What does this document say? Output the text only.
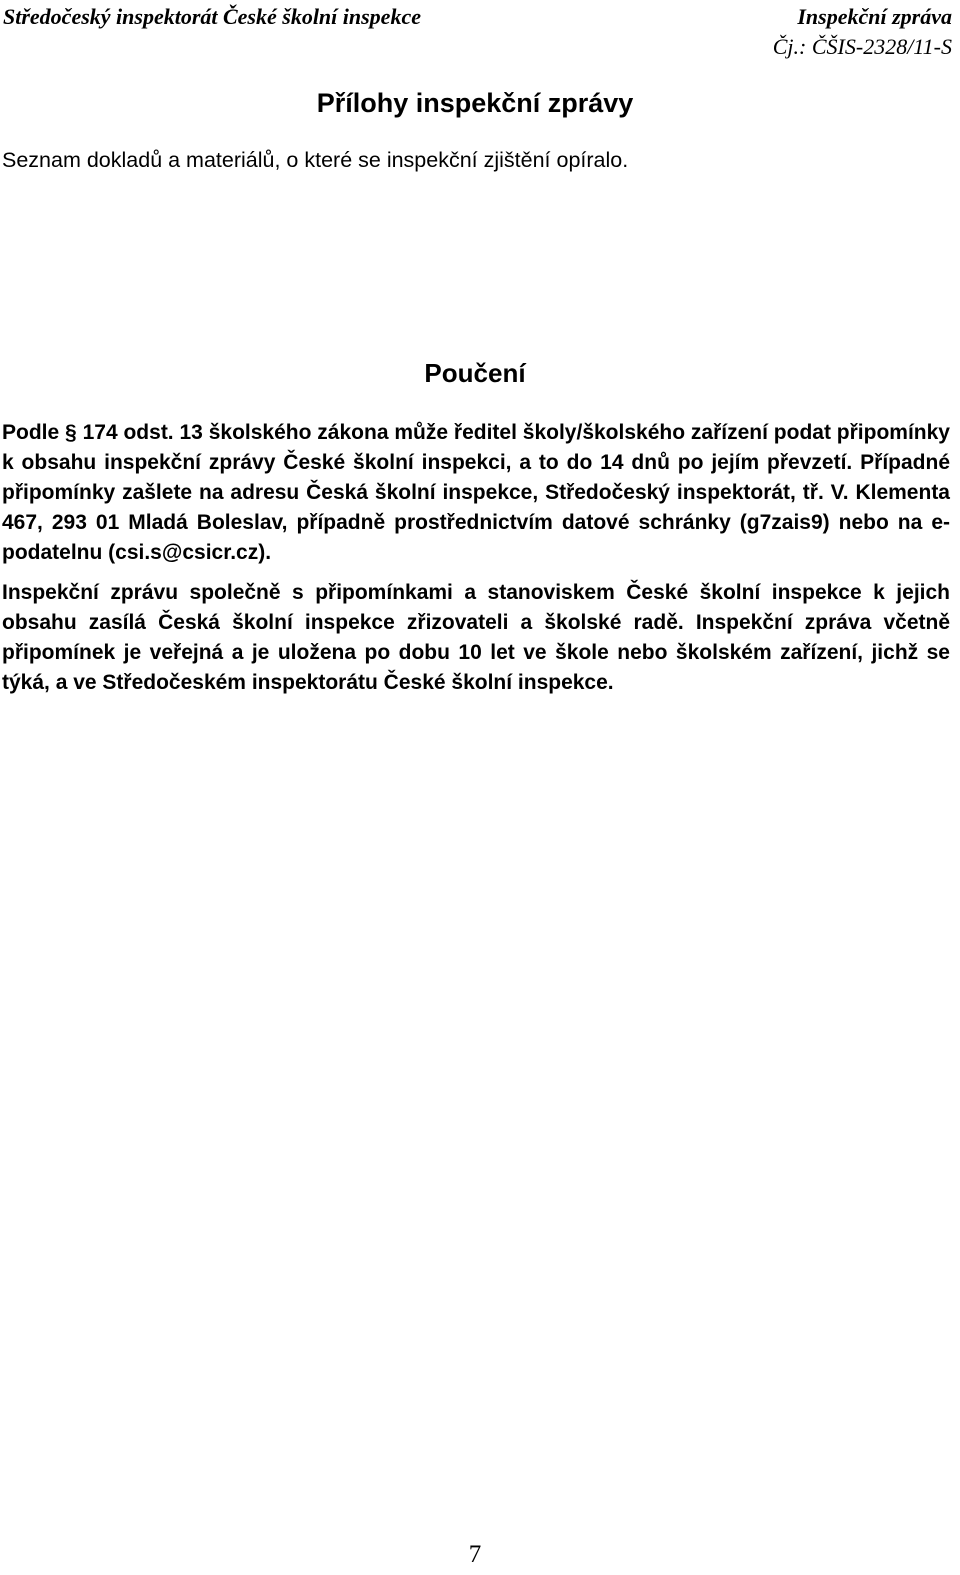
Středočeský inspektorát České školní inspekce	Inspekční zpráva
Čj.: ČŠIS-2328/11-S
Přílohy inspekční zprávy
Seznam dokladů a materiálů, o které se inspekční zjištění opíralo.
Poučení
Podle § 174 odst. 13 školského zákona může ředitel školy/školského zařízení podat připomínky k obsahu inspekční zprávy České školní inspekci, a to do 14 dnů po jejím převzetí. Případné připomínky zašlete na adresu Česká školní inspekce, Středočeský inspektorát, tř. V. Klementa 467, 293 01 Mladá Boleslav, případně prostřednictvím datové schránky (g7zais9) nebo na e-podatelnu (csi.s@csicr.cz).
Inspekční zprávu společně s připomínkami a stanoviskem České školní inspekce k jejich obsahu zasílá Česká školní inspekce zřizovateli a školské radě. Inspekční zpráva včetně připomínek je veřejná a je uložena po dobu 10 let ve škole nebo školském zařízení, jichž se týká, a ve Středočeském inspektorátu České školní inspekce.
7
